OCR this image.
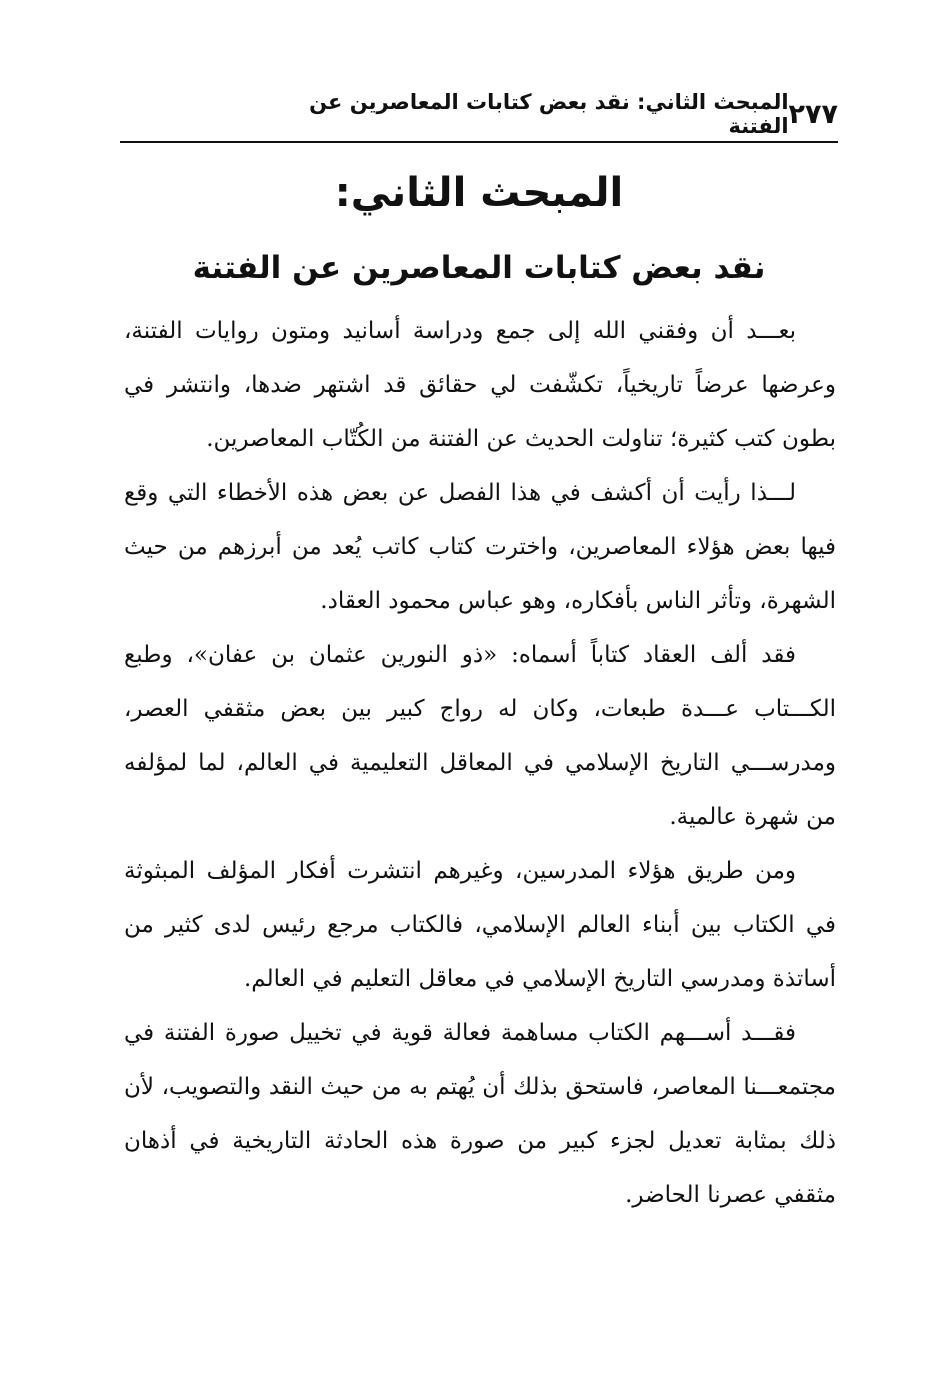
٢٧٧
المبحث الثاني: نقد بعض كتابات المعاصرين عن الفتنة
المبحث الثاني:
نقد بعض كتابات المعاصرين عن الفتنة

بعـــد أن وفقني الله إلى جمع ودراسة أسانيد ومتون روايات الفتنة، وعرضها عرضاً تاريخياً، تكشّفت لي حقائق قد اشتهر ضدها، وانتشر في بطون كتب كثيرة؛ تناولت الحديث عن الفتنة من الكُتّاب المعاصرين.

لـــذا رأيت أن أكشف في هذا الفصل عن بعض هذه الأخطاء التي وقع فيها بعض هؤلاء المعاصرين، واخترت كتاب كاتب يُعد من أبرزهم من حيث الشهرة، وتأثر الناس بأفكاره، وهو عباس محمود العقاد.

فقد ألف العقاد كتاباً أسماه: «ذو النورين عثمان بن عفان»، وطبع الكـــتاب عـــدة طبعات، وكان له رواج كبير بين بعض مثقفي العصر، ومدرســـي التاريخ الإسلامي في المعاقل التعليمية في العالم، لما لمؤلفه من شهرة عالمية.

ومن طريق هؤلاء المدرسين، وغيرهم انتشرت أفكار المؤلف المبثوثة في الكتاب بين أبناء العالم الإسلامي، فالكتاب مرجع رئيس لدى كثير من أساتذة ومدرسي التاريخ الإسلامي في معاقل التعليم في العالم.

فقـــد أســـهم الكتاب مساهمة فعالة قوية في تخييل صورة الفتنة في مجتمعـــنا المعاصر، فاستحق بذلك أن يُهتم به من حيث النقد والتصويب، لأن ذلك بمثابة تعديل لجزء كبير من صورة هذه الحادثة التاريخية في أذهان مثقفي عصرنا الحاضر.
